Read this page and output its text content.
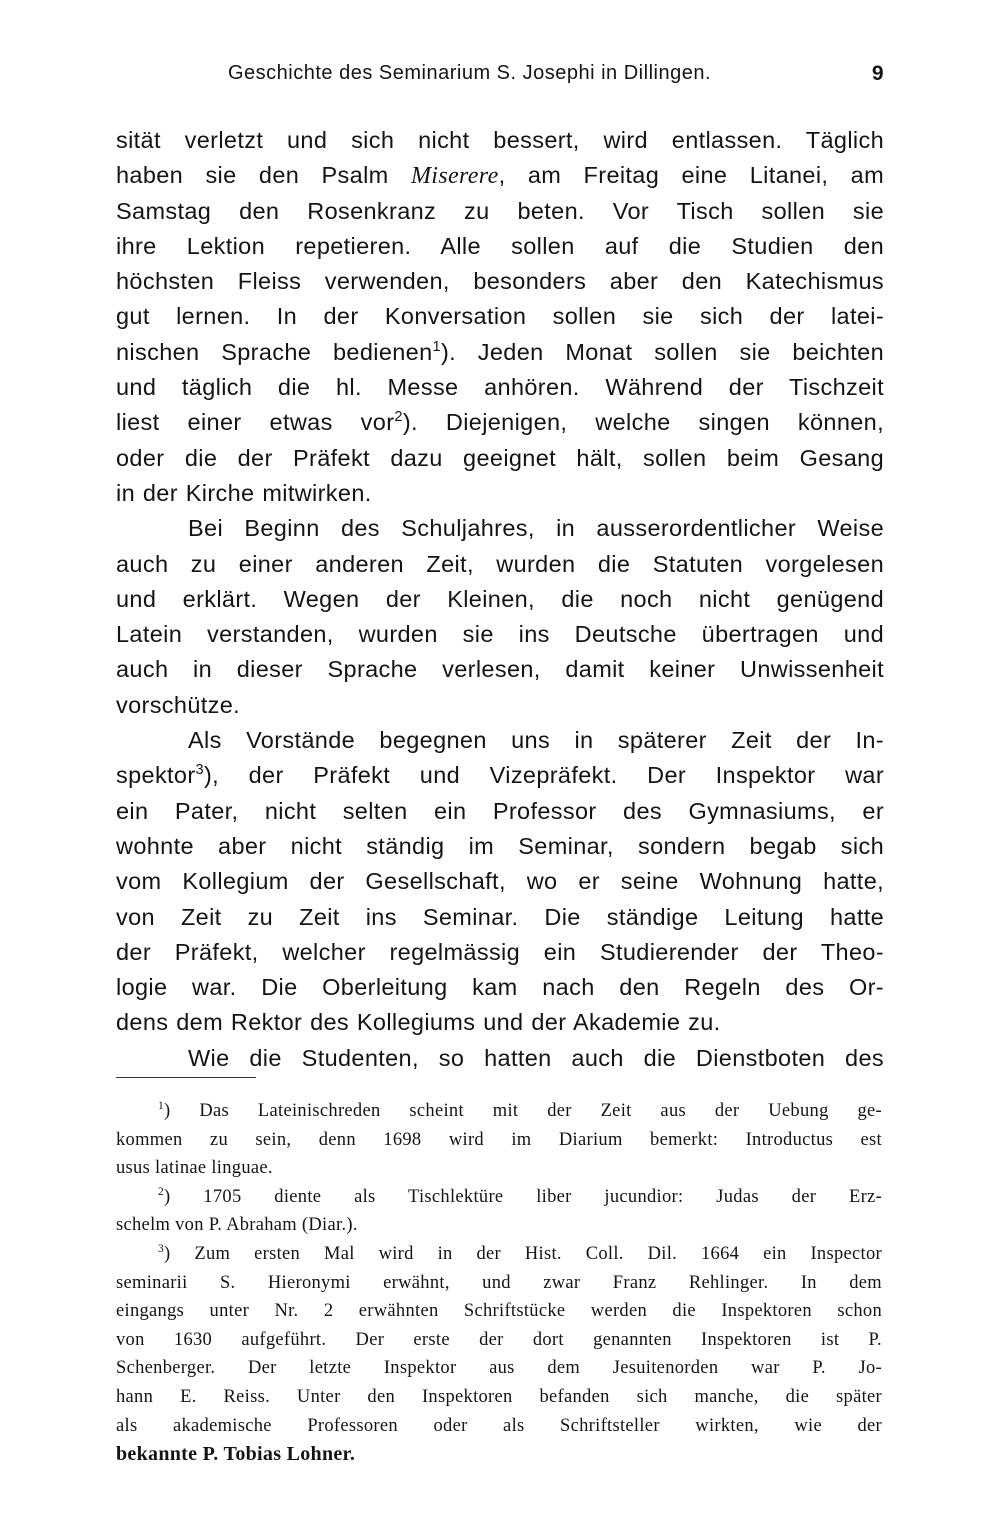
Geschichte des Seminarium S. Josephi in Dillingen.	9
sität verletzt und sich nicht bessert, wird entlassen. Täglich
haben sie den Psalm Miserere, am Freitag eine Litanei, am
Samstag den Rosenkranz zu beten. Vor Tisch sollen sie
ihre Lektion repetieren. Alle sollen auf die Studien den
höchsten Fleiss verwenden, besonders aber den Katechismus
gut lernen. In der Konversation sollen sie sich der latei-
nischen Sprache bedienen$^1$). Jeden Monat sollen sie beichten
und täglich die hl. Messe anhören. Während der Tischzeit
liest einer etwas vor$^2$). Diejenigen, welche singen können,
oder die der Präfekt dazu geeignet hält, sollen beim Gesang
in der Kirche mitwirken.
Bei Beginn des Schuljahres, in ausserordentlicher Weise
auch zu einer anderen Zeit, wurden die Statuten vorgelesen
und erklärt. Wegen der Kleinen, die noch nicht genügend
Latein verstanden, wurden sie ins Deutsche übertragen und
auch in dieser Sprache verlesen, damit keiner Unwissenheit
vorschütze.
Als Vorstände begegnen uns in späterer Zeit der In-
spektor$^3$), der Präfekt und Vizepräfekt. Der Inspektor war
ein Pater, nicht selten ein Professor des Gymnasiums, er
wohnte aber nicht ständig im Seminar, sondern begab sich
vom Kollegium der Gesellschaft, wo er seine Wohnung hatte,
von Zeit zu Zeit ins Seminar. Die ständige Leitung hatte
der Präfekt, welcher regelmässig ein Studierender der Theo-
logie war. Die Oberleitung kam nach den Regeln des Or-
dens dem Rektor des Kollegiums und der Akademie zu.
Wie die Studenten, so hatten auch die Dienstboten des
$^1$) Das Lateinischreden scheint mit der Zeit aus der Uebung ge-
kommen zu sein, denn 1698 wird im Diarium bemerkt: Introductus est
usus latinae linguae.
$^2$) 1705 diente als Tischlektüre liber jucundior: Judas der Erz-
schelm von P. Abraham (Diar.).
$^3$) Zum ersten Mal wird in der Hist. Coll. Dil. 1664 ein Inspector
seminarii S. Hieronymi erwähnt, und zwar Franz Rehlinger. In dem
eingangs unter Nr. 2 erwähnten Schriftstücke werden die Inspektoren schon
von 1630 aufgeführt. Der erste der dort genannten Inspektoren ist P.
Schenberger. Der letzte Inspektor aus dem Jesuitenorden war P. Jo-
hann E. Reiss. Unter den Inspektoren befanden sich manche, die später
als akademische Professoren oder als Schriftsteller wirkten, wie der
bekannte P. Tobias Lohner.
